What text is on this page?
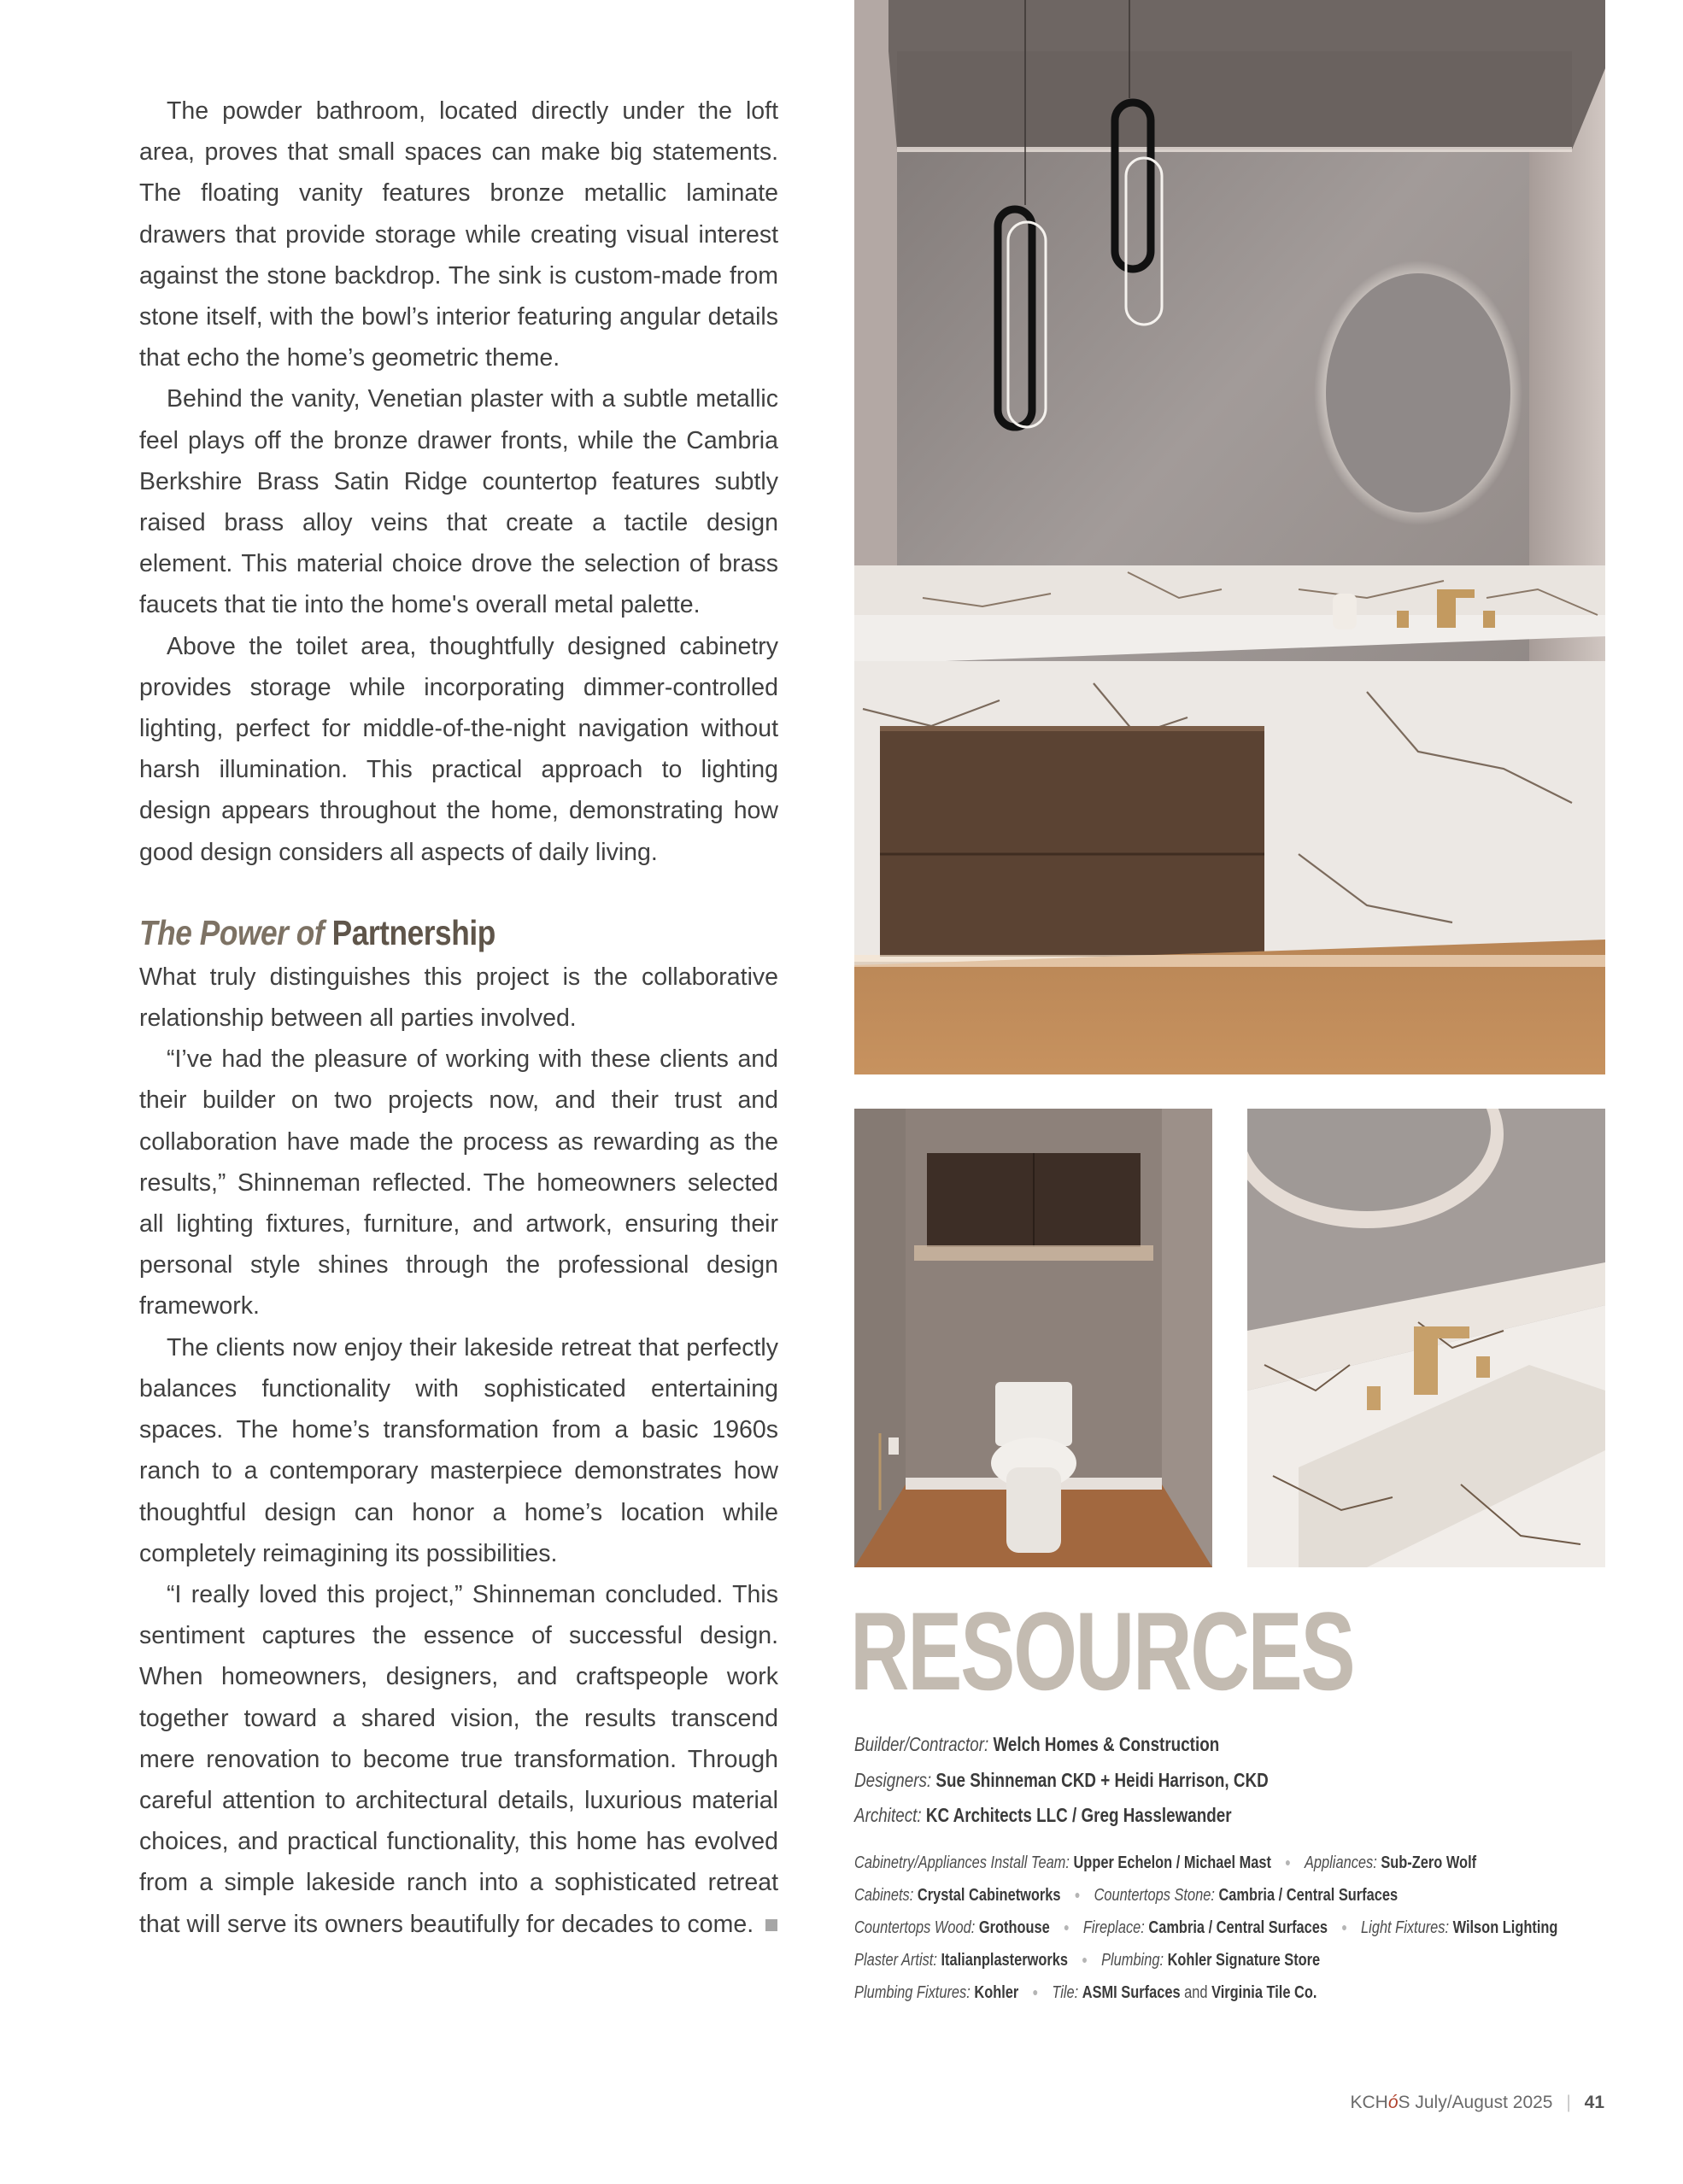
The powder bathroom, located directly under the loft area, proves that small spaces can make big statements. The floating vanity features bronze metallic laminate drawers that provide storage while creating visual interest against the stone backdrop. The sink is custom-made from stone itself, with the bowl’s interior featuring angular details that echo the home’s geometric theme.

Behind the vanity, Venetian plaster with a subtle metallic feel plays off the bronze drawer fronts, while the Cambria Berkshire Brass Satin Ridge countertop features subtly raised brass alloy veins that create a tactile design element. This material choice drove the selection of brass faucets that tie into the home's overall metal palette.

Above the toilet area, thoughtfully designed cabinetry provides storage while incorporating dimmer-controlled lighting, perfect for middle-of-the-night navigation without harsh illumination. This practical approach to lighting design appears throughout the home, demonstrating how good design considers all aspects of daily living.

The Power of Partnership

What truly distinguishes this project is the collaborative relationship between all parties involved.

“I’ve had the pleasure of working with these clients and their builder on two projects now, and their trust and collaboration have made the process as rewarding as the results,” Shinneman reflected. The homeowners selected all lighting fixtures, furniture, and artwork, ensuring their personal style shines through the professional design framework.

The clients now enjoy their lakeside retreat that perfectly balances functionality with sophisticated entertaining spaces. The home’s transformation from a basic 1960s ranch to a contemporary masterpiece demonstrates how thoughtful design can honor a home’s location while completely reimagining its possibilities.

“I really loved this project,” Shinneman concluded. This sentiment captures the essence of successful design. When homeowners, designers, and craftspeople work together toward a shared vision, the results transcend mere renovation to become true transformation. Through careful attention to architectural details, luxurious material choices, and practical functionality, this home has evolved from a simple lakeside ranch into a sophisticated retreat that will serve its owners beautifully for decades to come.

RESOURCES
Builder/Contractor: Welch Homes & Construction
Designers: Sue Shinneman CKD + Heidi Harrison, CKD
Architect: KC Architects LLC / Greg Hasslewander
Cabinetry/Appliances Install Team: Upper Echelon / Michael Mast ● Appliances: Sub-Zero Wolf
Cabinets: Crystal Cabinetworks ● Countertops Stone: Cambria / Central Surfaces
Countertops Wood: Grothouse ● Fireplace: Cambria / Central Surfaces ● Light Fixtures: Wilson Lighting
Plaster Artist: Italianplasterworks ● Plumbing: Kohler Signature Store
Plumbing Fixtures: Kohler ● Tile: ASMI Surfaces and Virginia Tile Co.
KCHóS July/August 2025 | 41
